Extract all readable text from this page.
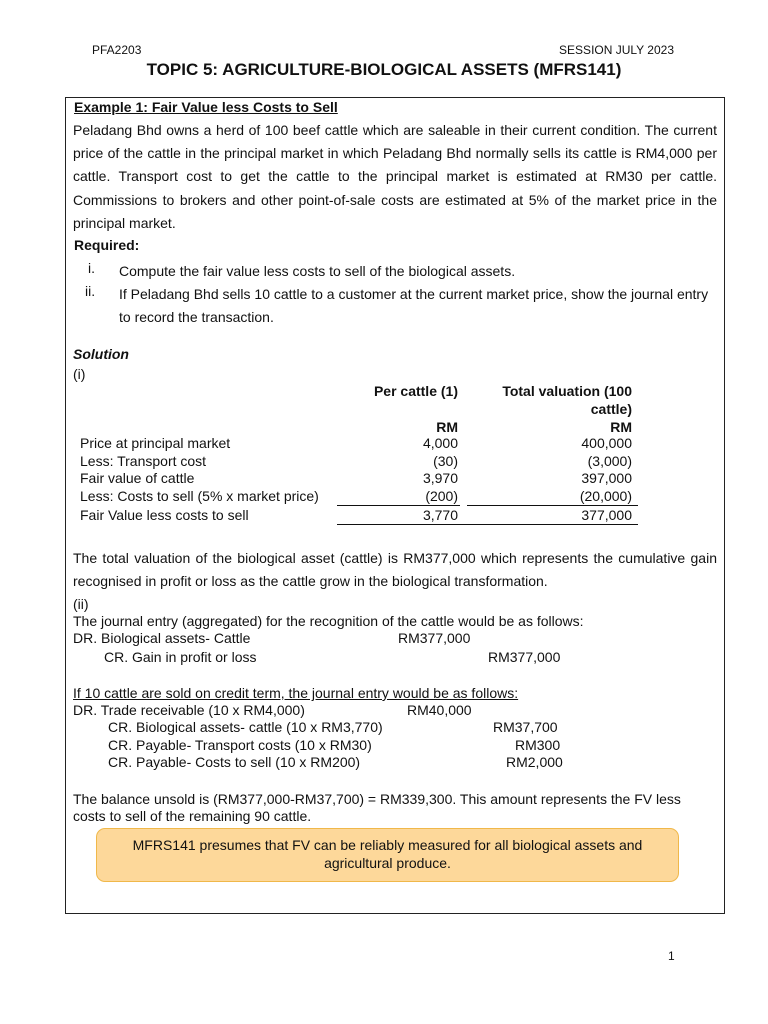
PFA2203	SESSION JULY 2023
TOPIC 5: AGRICULTURE-BIOLOGICAL ASSETS (MFRS141)
Example 1: Fair Value less Costs to Sell
Peladang Bhd owns a herd of 100 beef cattle which are saleable in their current condition. The current price of the cattle in the principal market in which Peladang Bhd normally sells its cattle is RM4,000 per cattle. Transport cost to get the cattle to the principal market is estimated at RM30 per cattle. Commissions to brokers and other point-of-sale costs are estimated at 5% of the market price in the principal market.
Required:
i. Compute the fair value less costs to sell of the biological assets.
ii. If Peladang Bhd sells 10 cattle to a customer at the current market price, show the journal entry to record the transaction.
Solution
(i)
Per cattle (1)	Total valuation (100
cattle)
RM	RM
Price at principal market	4,000	400,000
Less: Transport cost	(30)	(3,000)
Fair value of cattle	3,970	397,000
Less: Costs to sell (5% x market price)	(200)	(20,000)
Fair Value less costs to sell	3,770	377,000
The total valuation of the biological asset (cattle) is RM377,000 which represents the cumulative gain recognised in profit or loss as the cattle grow in the biological transformation.
(ii)
The journal entry (aggregated) for the recognition of the cattle would be as follows:
DR. Biological assets- Cattle	RM377,000
CR. Gain in profit or loss	RM377,000
If 10 cattle are sold on credit term, the journal entry would be as follows:
DR. Trade receivable (10 x RM4,000)	RM40,000
CR. Biological assets- cattle (10 x RM3,770)	RM37,700
CR. Payable- Transport costs (10 x RM30)	RM300
CR. Payable- Costs to sell (10 x RM200)	RM2,000
The balance unsold is (RM377,000-RM37,700) = RM339,300. This amount represents the FV less
costs to sell of the remaining 90 cattle.
MFRS141 presumes that FV can be reliably measured for all biological assets and
agricultural produce.
1
